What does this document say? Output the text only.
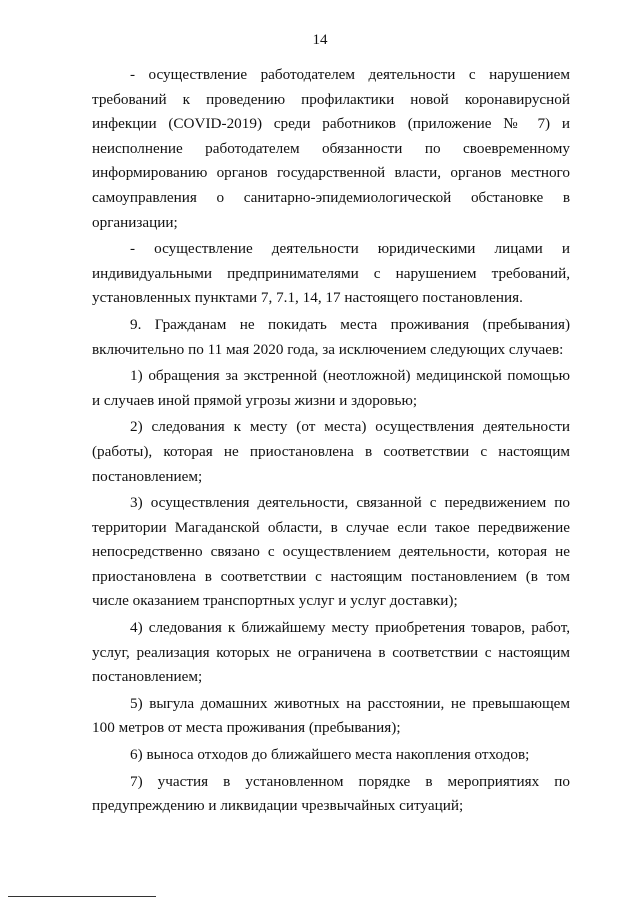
14

- осуществление работодателем деятельности с нарушением требований к проведению профилактики новой коронавирусной инфекции (COVID-2019) среди работников (приложение № 7) и неисполнение работодателем обязанности по своевременному информированию органов государственной власти, органов местного самоуправления о санитарно-эпидемиологической обстановке в организации;

- осуществление деятельности юридическими лицами и индивидуальными предпринимателями с нарушением требований, установленных пунктами 7, 7.1, 14, 17 настоящего постановления.

9. Гражданам не покидать места проживания (пребывания) включительно по 11 мая 2020 года, за исключением следующих случаев:

1) обращения за экстренной (неотложной) медицинской помощью и случаев иной прямой угрозы жизни и здоровью;

2) следования к месту (от места) осуществления деятельности (работы), которая не приостановлена в соответствии с настоящим постановлением;

3) осуществления деятельности, связанной с передвижением по территории Магаданской области, в случае если такое передвижение непосредственно связано с осуществлением деятельности, которая не приостановлена в соответствии с настоящим постановлением (в том числе оказанием транспортных услуг и услуг доставки);

4) следования к ближайшему месту приобретения товаров, работ, услуг, реализация которых не ограничена в соответствии с настоящим постановлением;

5) выгула домашних животных на расстоянии, не превышающем 100 метров от места проживания (пребывания);

6) выноса отходов до ближайшего места накопления отходов;

7) участия в установленном порядке в мероприятиях по предупреждению и ликвидации чрезвычайных ситуаций;
